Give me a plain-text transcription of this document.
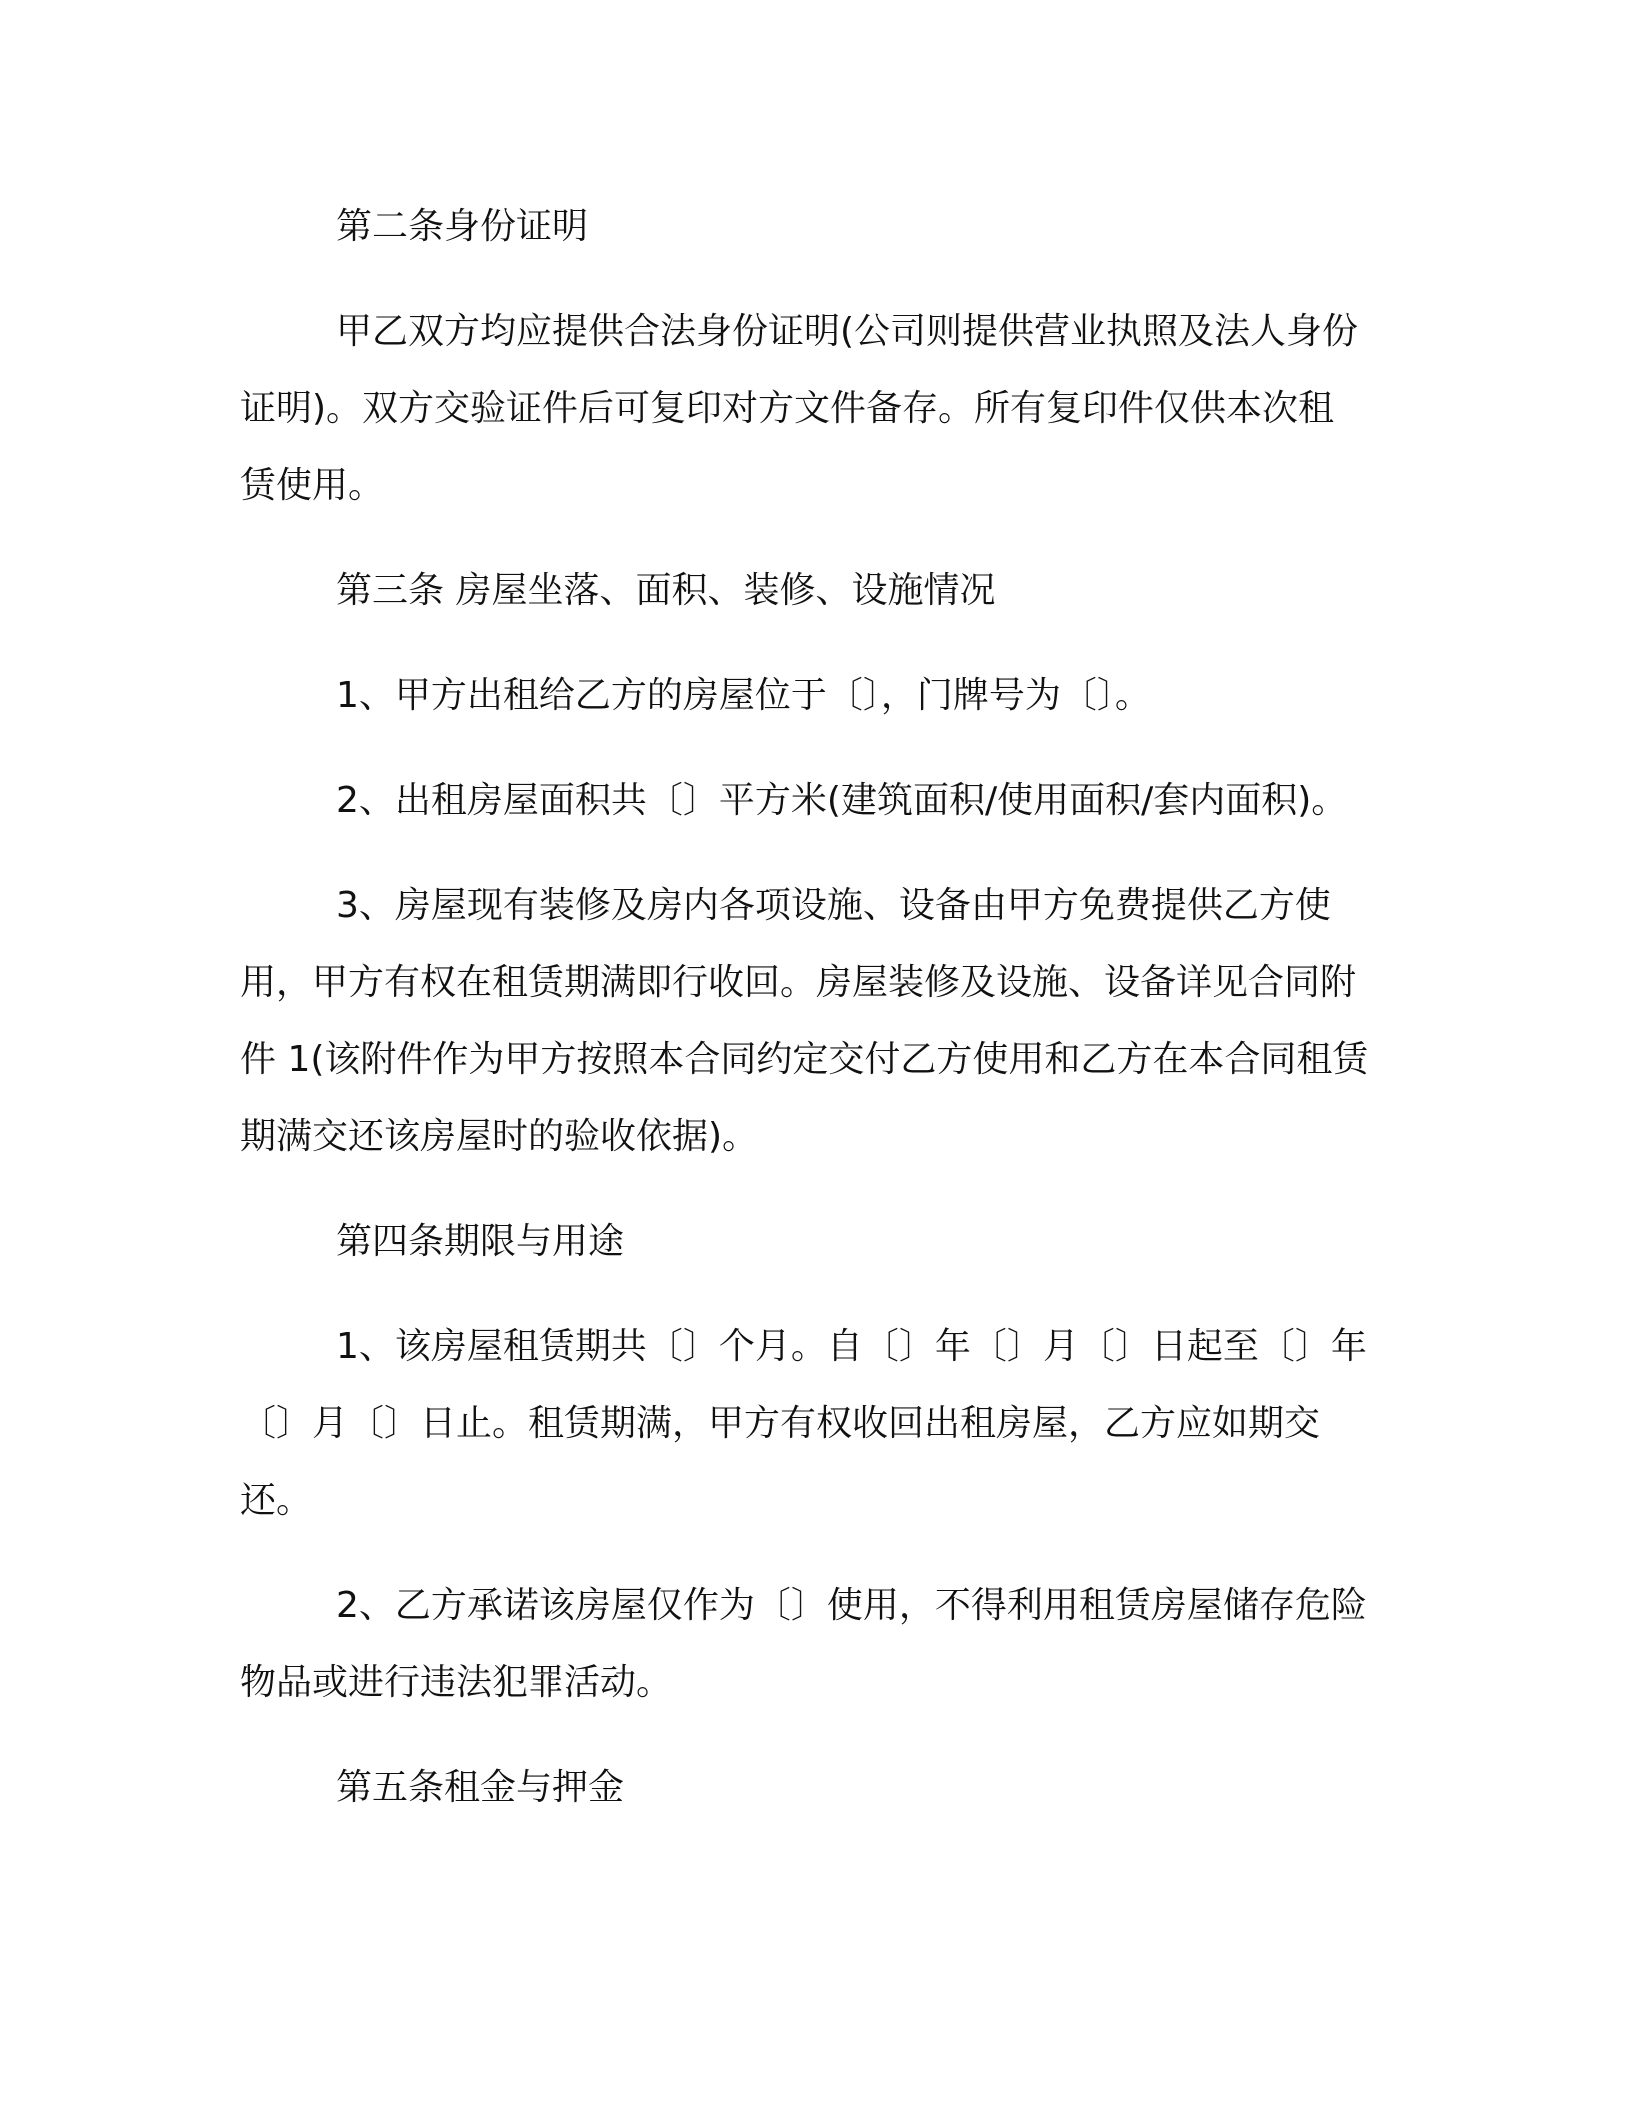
第二条身份证明

甲乙双方均应提供合法身份证明(公司则提供营业执照及法人身份证明)。双方交验证件后可复印对方文件备存。所有复印件仅供本次租赁使用。

第三条 房屋坐落、面积、装修、设施情况

1、甲方出租给乙方的房屋位于〔〕，门牌号为〔〕。

2、出租房屋面积共〔〕平方米(建筑面积/使用面积/套内面积)。

3、房屋现有装修及房内各项设施、设备由甲方免费提供乙方使用，甲方有权在租赁期满即行收回。房屋装修及设施、设备详见合同附件 1(该附件作为甲方按照本合同约定交付乙方使用和乙方在本合同租赁期满交还该房屋时的验收依据)。

第四条期限与用途

1、该房屋租赁期共〔〕个月。自〔〕年〔〕月〔〕日起至〔〕年〔〕月〔〕日止。租赁期满，甲方有权收回出租房屋，乙方应如期交还。

2、乙方承诺该房屋仅作为〔〕使用，不得利用租赁房屋储存危险物品或进行违法犯罪活动。

第五条租金与押金
